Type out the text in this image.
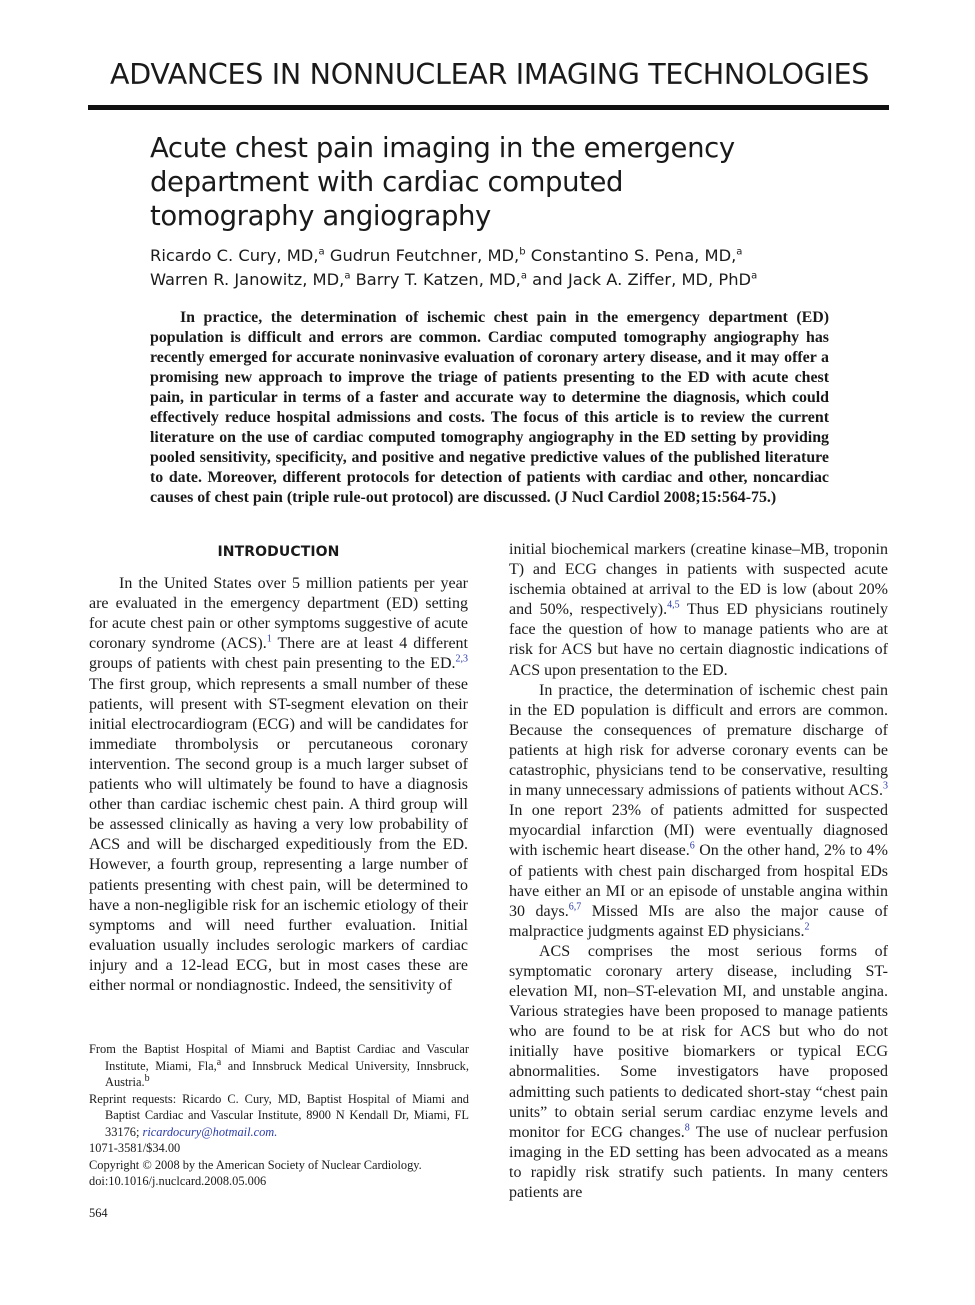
ADVANCES IN NONNUCLEAR IMAGING TECHNOLOGIES
Acute chest pain imaging in the emergency department with cardiac computed tomography angiography
Ricardo C. Cury, MD,$^a$ Gudrun Feutchner, MD,$^b$ Constantino S. Pena, MD,$^a$
Warren R. Janowitz, MD,$^a$ Barry T. Katzen, MD,$^a$ and Jack A. Ziffer, MD, PhD$^a$

In practice, the determination of ischemic chest pain in the emergency department (ED) population is difficult and errors are common. Cardiac computed tomography angiography has recently emerged for accurate noninvasive evaluation of coronary artery disease, and it may offer a promising new approach to improve the triage of patients presenting to the ED with acute chest pain, in particular in terms of a faster and accurate way to determine the diagnosis, which could effectively reduce hospital admissions and costs. The focus of this article is to review the current literature on the use of cardiac computed tomography angiography in the ED setting by providing pooled sensitivity, specificity, and positive and negative predictive values of the published literature to date. Moreover, different protocols for detection of patients with cardiac and other, noncardiac causes of chest pain (triple rule-out protocol) are discussed. (J Nucl Cardiol 2008;15:564-75.)

INTRODUCTION

In the United States over 5 million patients per year are evaluated in the emergency department (ED) setting for acute chest pain or other symptoms suggestive of acute coronary syndrome (ACS).$^1$ There are at least 4 different groups of patients with chest pain presenting to the ED.$^{2,3}$ The first group, which represents a small number of these patients, will present with ST-segment elevation on their initial electrocardiogram (ECG) and will be candidates for immediate thrombolysis or percutaneous coronary intervention. The second group is a much larger subset of patients who will ultimately be found to have a diagnosis other than cardiac ischemic chest pain. A third group will be assessed clinically as having a very low probability of ACS and will be discharged expeditiously from the ED. However, a fourth group, representing a large number of patients presenting with chest pain, will be determined to have a non-negligible risk for an ischemic etiology of their symptoms and will need further evaluation. Initial evaluation usually includes serologic markers of cardiac injury and a 12-lead ECG, but in most cases these are either normal or nondiagnostic. Indeed, the sensitivity of

initial biochemical markers (creatine kinase–MB, troponin T) and ECG changes in patients with suspected acute ischemia obtained at arrival to the ED is low (about 20% and 50%, respectively).$^{4,5}$ Thus ED physicians routinely face the question of how to manage patients who are at risk for ACS but have no certain diagnostic indications of ACS upon presentation to the ED.

In practice, the determination of ischemic chest pain in the ED population is difficult and errors are common. Because the consequences of premature discharge of patients at high risk for adverse coronary events can be catastrophic, physicians tend to be conservative, resulting in many unnecessary admissions of patients without ACS.$^3$ In one report 23% of patients admitted for suspected myocardial infarction (MI) were eventually diagnosed with ischemic heart disease.$^6$ On the other hand, 2% to 4% of patients with chest pain discharged from hospital EDs have either an MI or an episode of unstable angina within 30 days.$^{6,7}$ Missed MIs are also the major cause of malpractice judgments against ED physicians.$^2$

ACS comprises the most serious forms of symptomatic coronary artery disease, including ST-elevation MI, non–ST-elevation MI, and unstable angina. Various strategies have been proposed to manage patients who are found to be at risk for ACS but who do not initially have positive biomarkers or typical ECG abnormalities. Some investigators have proposed admitting such patients to dedicated short-stay “chest pain units” to obtain serial serum cardiac enzyme levels and monitor for ECG changes.$^8$ The use of nuclear perfusion imaging in the ED setting has been advocated as a means to rapidly risk stratify such patients. In many centers patients are

From the Baptist Hospital of Miami and Baptist Cardiac and Vascular Institute, Miami, Fla,$^a$ and Innsbruck Medical University, Innsbruck, Austria.$^b$

Reprint requests: Ricardo C. Cury, MD, Baptist Hospital of Miami and Baptist Cardiac and Vascular Institute, 8900 N Kendall Dr, Miami, FL 33176; ricardocury@hotmail.com.

1071-3581/$34.00

Copyright © 2008 by the American Society of Nuclear Cardiology.

doi:10.1016/j.nuclcard.2008.05.006

564
